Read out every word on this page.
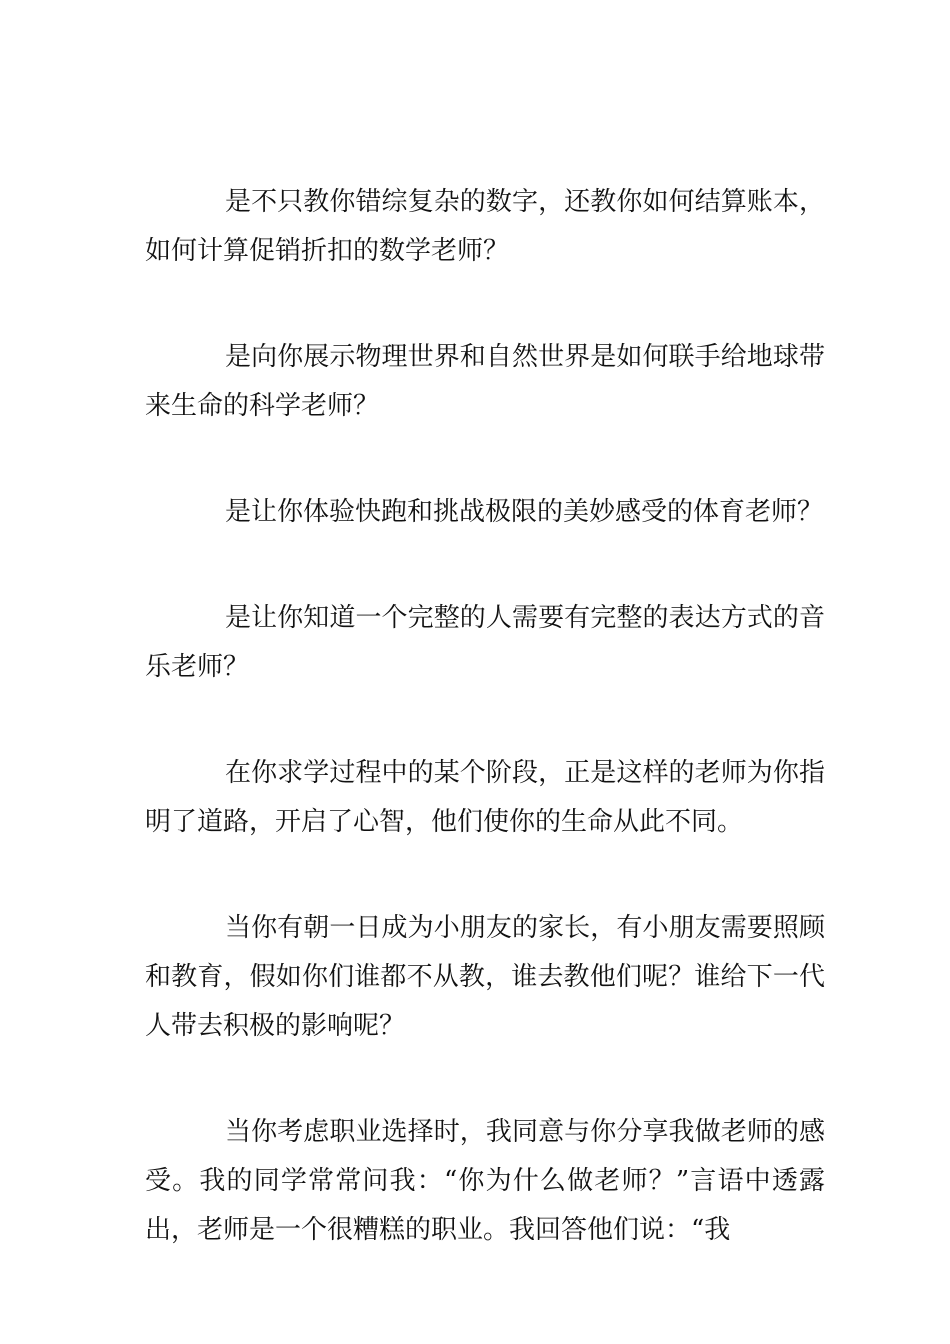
是不只教你错综复杂的数字，还教你如何结算账本，如何计算促销折扣的数学老师？

是向你展示物理世界和自然世界是如何联手给地球带来生命的科学老师？

是让你体验快跑和挑战极限的美妙感受的体育老师？

是让你知道一个完整的人需要有完整的表达方式的音乐老师？

在你求学过程中的某个阶段，正是这样的老师为你指明了道路，开启了心智，他们使你的生命从此不同。

当你有朝一日成为小朋友的家长，有小朋友需要照顾和教育，假如你们谁都不从教，谁去教他们呢？谁给下一代人带去积极的影响呢？

当你考虑职业选择时，我同意与你分享我做老师的感受。我的同学常常问我：“你为什么做老师？”言语中透露出，老师是一个很糟糕的职业。我回答他们说：“我
